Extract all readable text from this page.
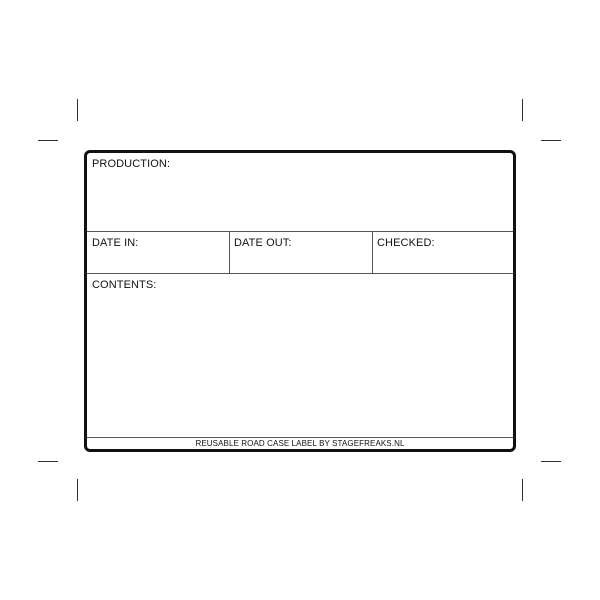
PRODUCTION:
DATE IN:	DATE OUT:	CHECKED:
CONTENTS:
REUSABLE ROAD CASE LABEL BY STAGEFREAKS.NL
